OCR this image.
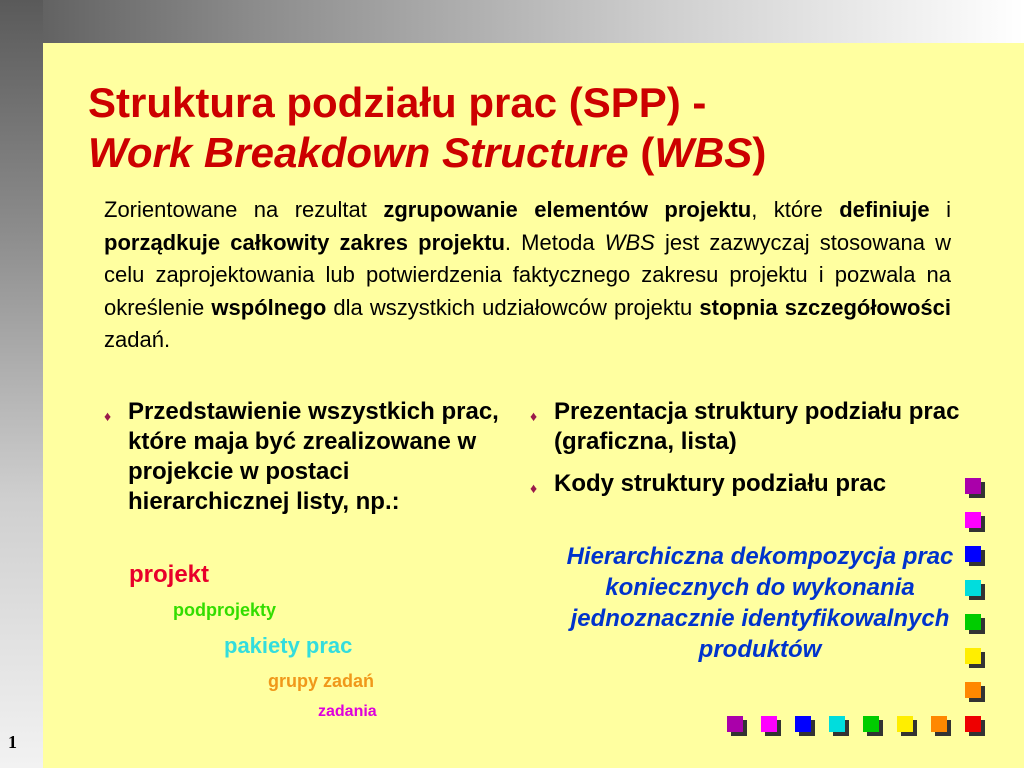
Struktura podziału prac (SPP) -
Work Breakdown Structure (WBS)
Zorientowane na rezultat zgrupowanie elementów projektu, które definiuje i porządkuje całkowity zakres projektu. Metoda WBS jest zazwyczaj stosowana w celu zaprojektowania lub potwierdzenia faktycznego zakresu projektu i pozwala na określenie wspólnego dla wszystkich udziałowców projektu stopnia szczegółowości zadań.
♦ Przedstawienie wszystkich prac, które maja być zrealizowane w projekcie w postaci hierarchicznej listy, np.:
♦ Prezentacja struktury podziału prac (graficzna, lista)
♦ Kody struktury podziału prac
projekt
podprojekty
pakiety prac
grupy zadań
zadania
Hierarchiczna dekompozycja prac koniecznych do wykonania jednoznacznie identyfikowalnych produktów
1
